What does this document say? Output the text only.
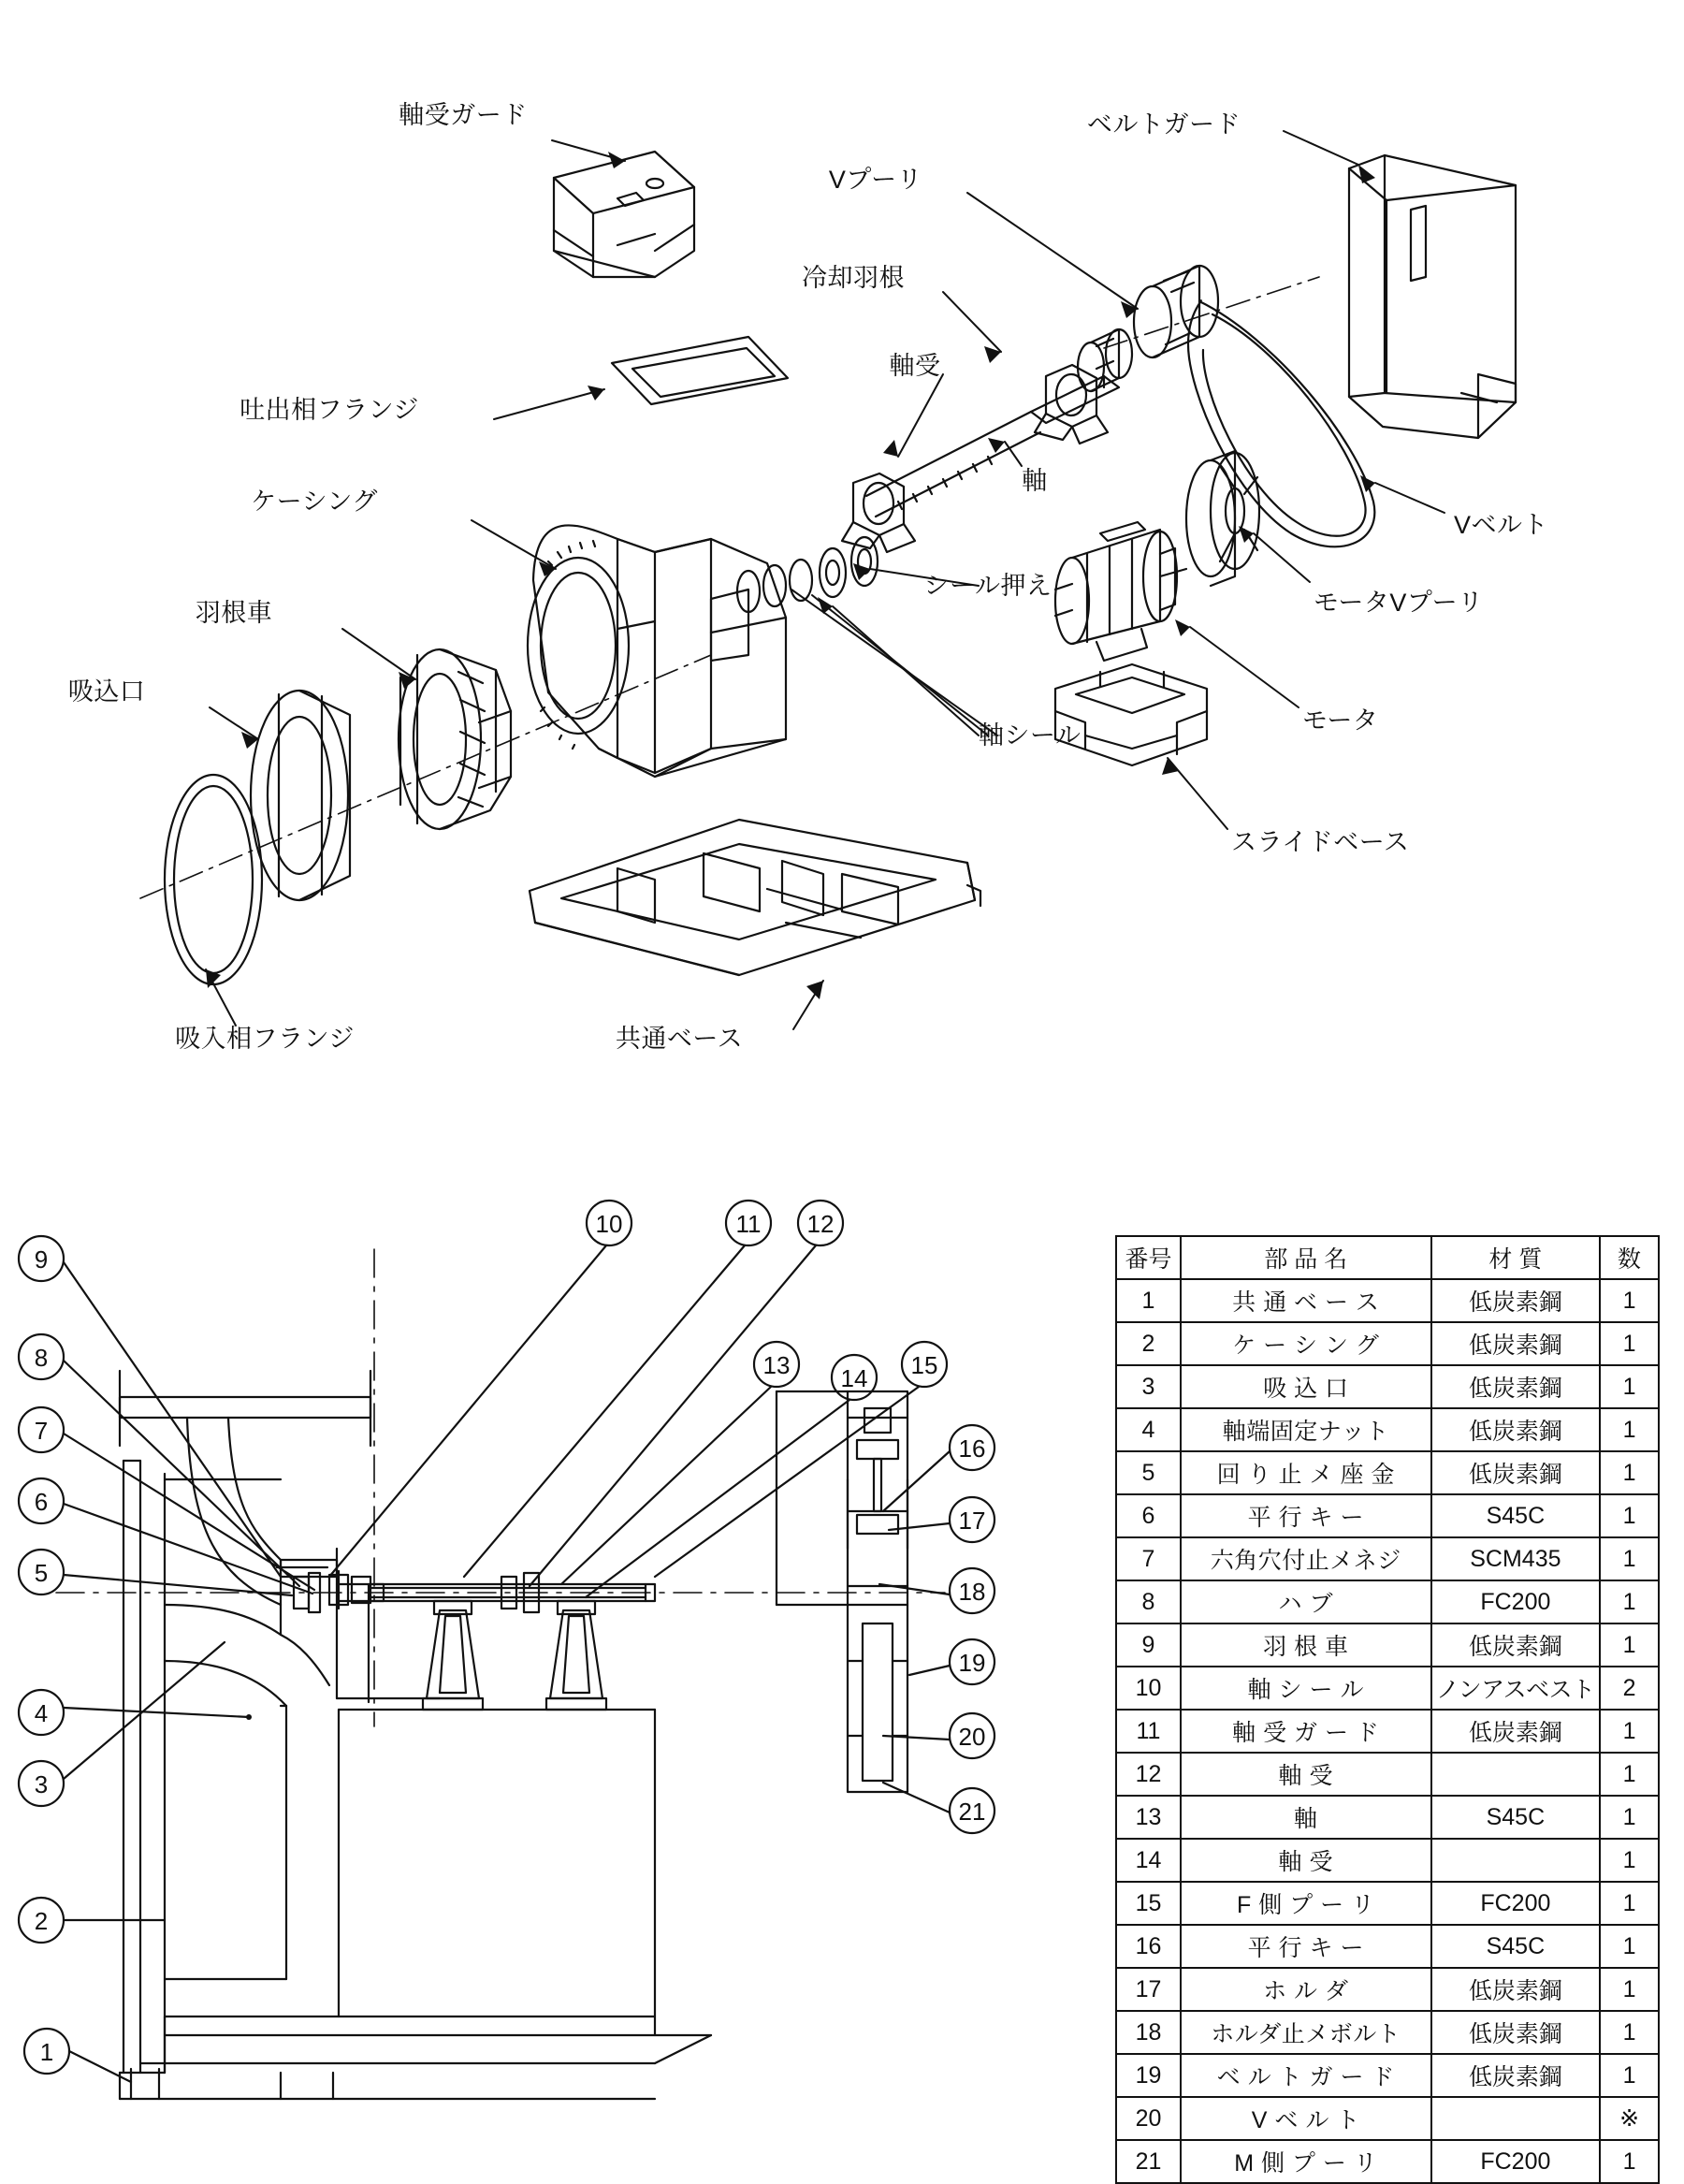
軸受ガード
吐出相フランジ
ケーシング
羽根車
吸込口
吸入相フランジ	共通ベース
Vプーリ
冷却羽根
軸受
軸
シール押え
軸シール
ベルトガード
Vベルト
モータVプーリ
モータ
スライドベース
9
8
7
6
5
4
3
2
1
10	11 12
13 14 15
16
17
18
19
20
21
番号	部 品 名	材 質	数
1	共 通 ベ ー ス	低炭素鋼	1
2	ケ ー シ ン グ	低炭素鋼	1
3	吸 込 口	低炭素鋼	1
4	軸端固定ナット	低炭素鋼	1
5	回 り 止 メ 座 金	低炭素鋼	1
6	平 行 キ ー	S45C	1
7	六角穴付止メネジ	SCM435	1
8	ハ ブ	FC200	1
9	羽 根 車	低炭素鋼	1
10	軸 シ ー ル	ノンアスベスト	2
11	軸 受 ガ ー ド	低炭素鋼	1
12	軸 受		1
13	軸	S45C	1
14	軸 受		1
15	F 側 プ ー リ	FC200	1
16	平 行 キ ー	S45C	1
17	ホ ル ダ	低炭素鋼	1
18	ホルダ止メボルト	低炭素鋼	1
19	ベ ル ト ガ ー ド	低炭素鋼	1
20	V ベ ル ト		※
21	M 側 プ ー リ	FC200	1
